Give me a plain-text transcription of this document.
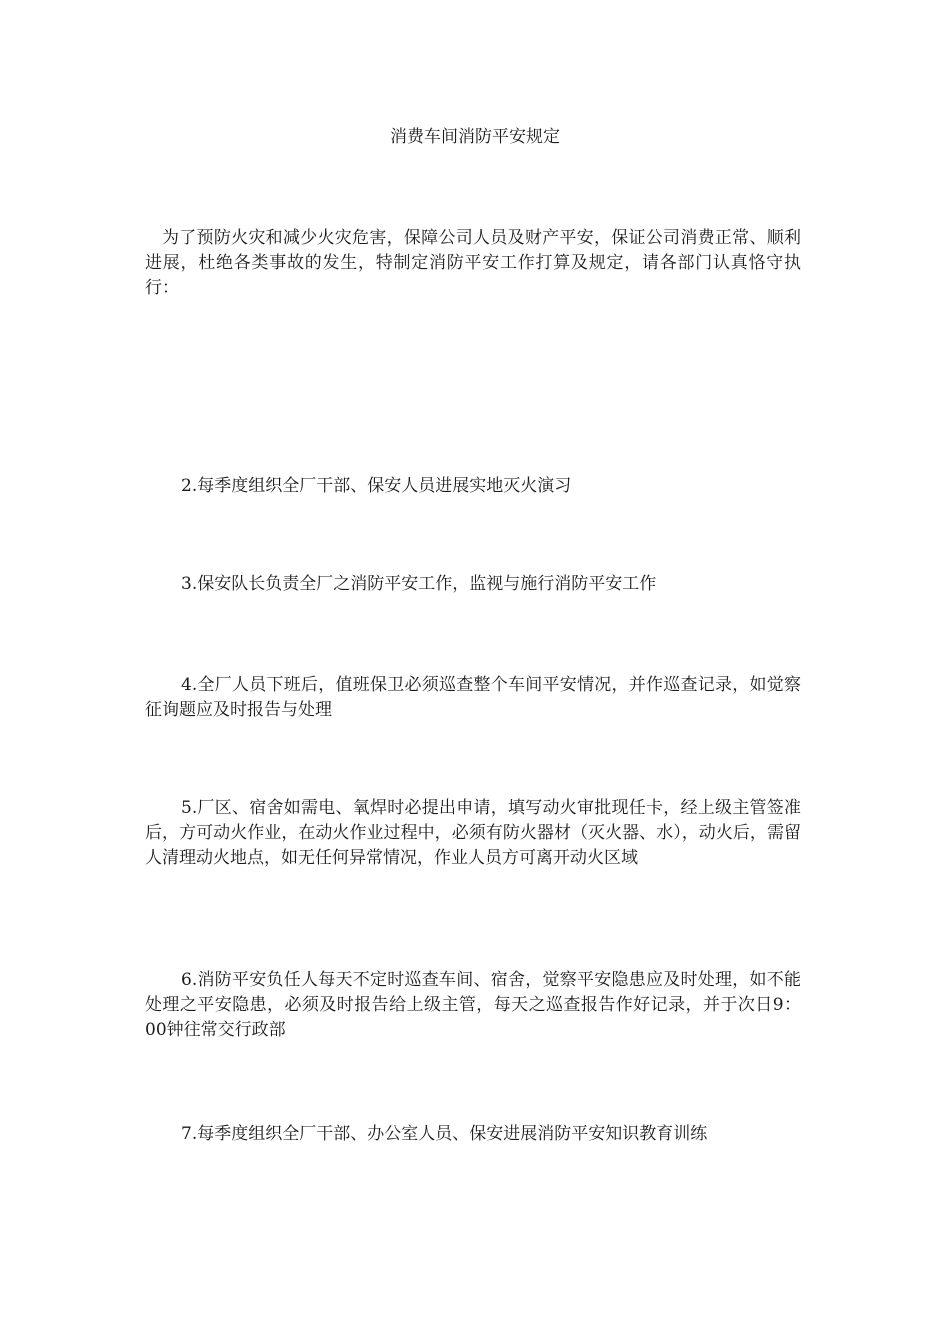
消费车间消防平安规定

为了预防火灾和减少火灾危害，保障公司人员及财产平安，保证公司消费正常、顺利进展，杜绝各类事故的发生，特制定消防平安工作打算及规定，请各部门认真恪守执行：

2.每季度组织全厂干部、保安人员进展实地灭火演习

3.保安队长负责全厂之消防平安工作，监视与施行消防平安工作

4.全厂人员下班后，值班保卫必须巡查整个车间平安情况，并作巡查记录，如觉察征询题应及时报告与处理

5.厂区、宿舍如需电、氧焊时必提出申请，填写动火审批现任卡，经上级主管签准后，方可动火作业，在动火作业过程中，必须有防火器材（灭火器、水），动火后，需留人清理动火地点，如无任何异常情况，作业人员方可离开动火区域

6.消防平安负任人每天不定时巡查车间、宿舍，觉察平安隐患应及时处理，如不能处理之平安隐患，必须及时报告给上级主管，每天之巡查报告作好记录，并于次日9：00钟往常交行政部

7.每季度组织全厂干部、办公室人员、保安进展消防平安知识教育训练
